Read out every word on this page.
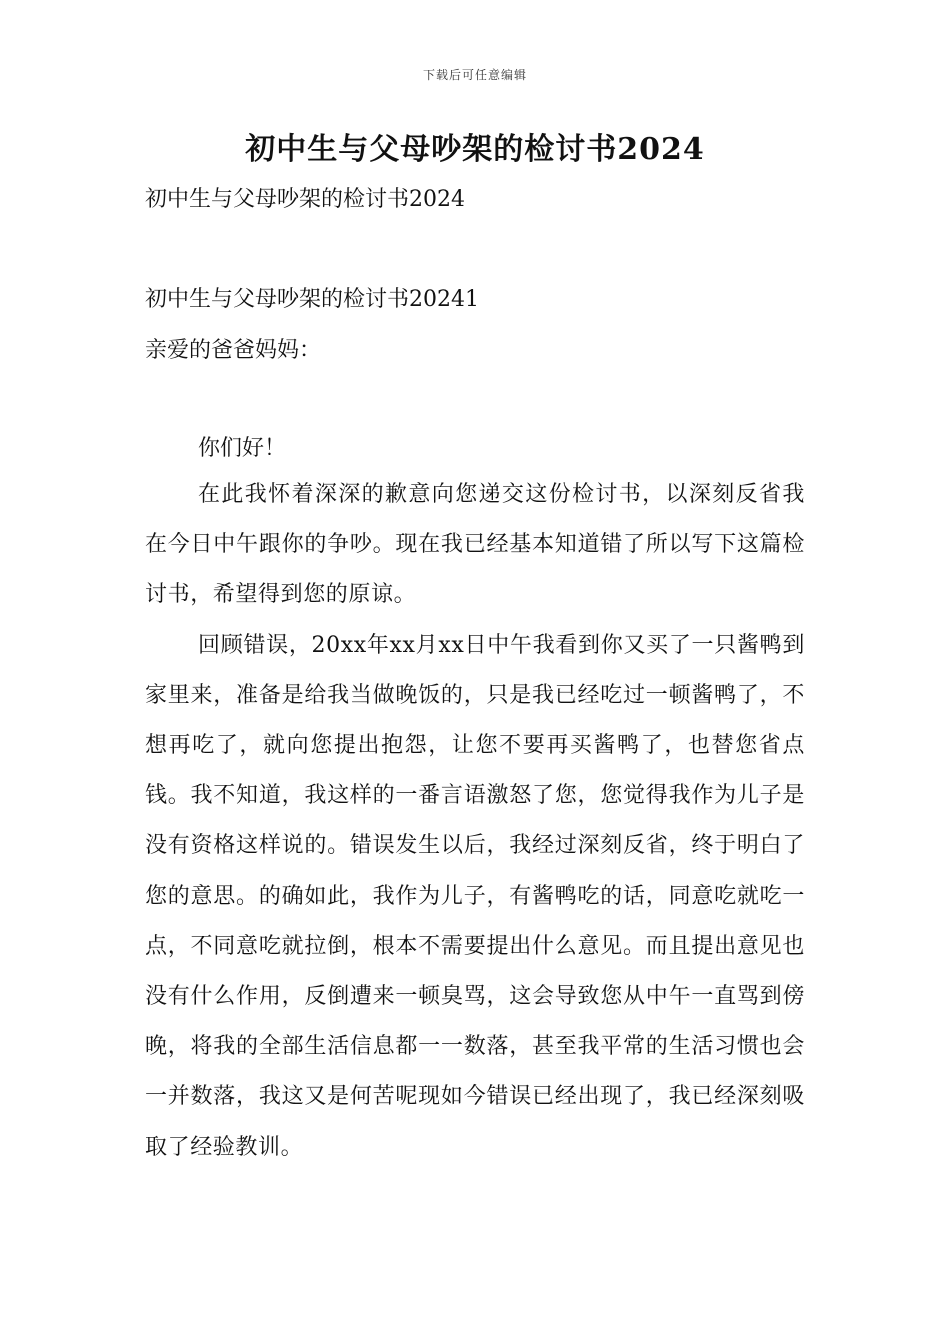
下载后可任意编辑
初中生与父母吵架的检讨书2024
初中生与父母吵架的检讨书2024
初中生与父母吵架的检讨书20241
亲爱的爸爸妈妈：
你们好！

在此我怀着深深的歉意向您递交这份检讨书，以深刻反省我在今日中午跟你的争吵。现在我已经基本知道错了所以写下这篇检讨书，希望得到您的原谅。

回顾错误，20xx年xx月xx日中午我看到你又买了一只酱鸭到家里来，准备是给我当做晚饭的，只是我已经吃过一顿酱鸭了，不想再吃了，就向您提出抱怨，让您不要再买酱鸭了，也替您省点钱。我不知道，我这样的一番言语激怒了您，您觉得我作为儿子是没有资格这样说的。错误发生以后，我经过深刻反省，终于明白了您的意思。的确如此，我作为儿子，有酱鸭吃的话，同意吃就吃一点，不同意吃就拉倒，根本不需要提出什么意见。而且提出意见也没有什么作用，反倒遭来一顿臭骂，这会导致您从中午一直骂到傍晚，将我的全部生活信息都一一数落，甚至我平常的生活习惯也会一并数落，我这又是何苦呢现如今错误已经出现了，我已经深刻吸取了经验教训。
